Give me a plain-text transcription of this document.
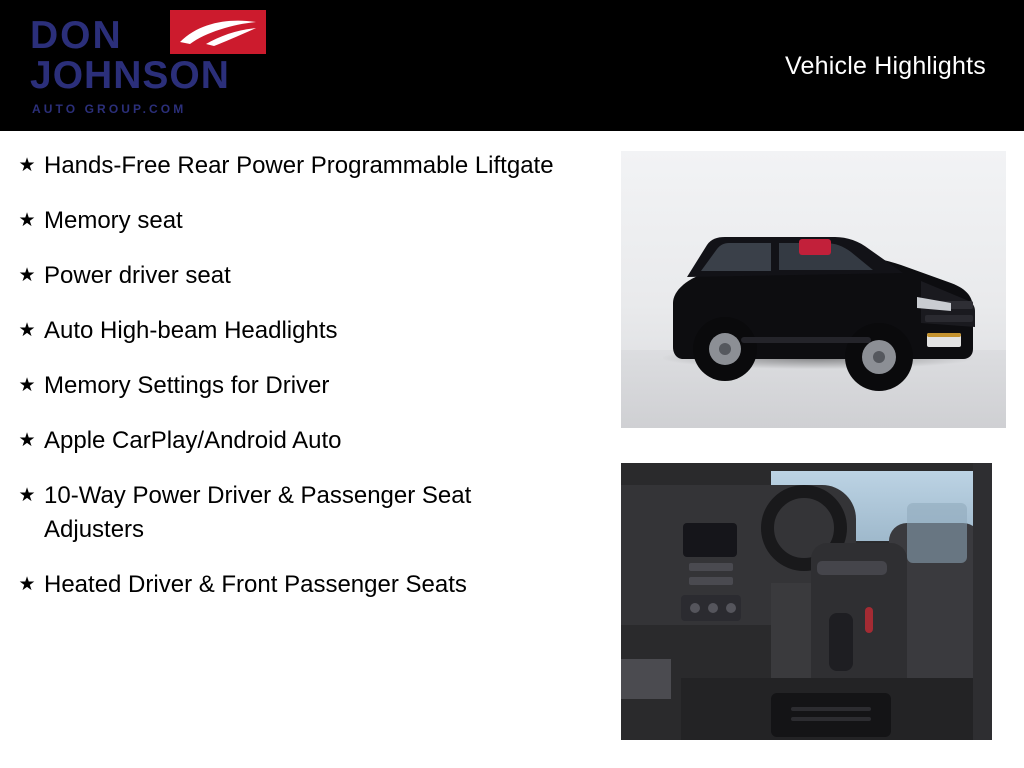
DON
JOHNSON
AUTO GROUP.COM
Vehicle Highlights
★ Hands-Free Rear Power Programmable Liftgate
★ Memory seat
★ Power driver seat
★ Auto High-beam Headlights
★ Memory Settings for Driver
★ Apple CarPlay/Android Auto
★ 10-Way Power Driver & Passenger Seat Adjusters
★ Heated Driver & Front Passenger Seats
